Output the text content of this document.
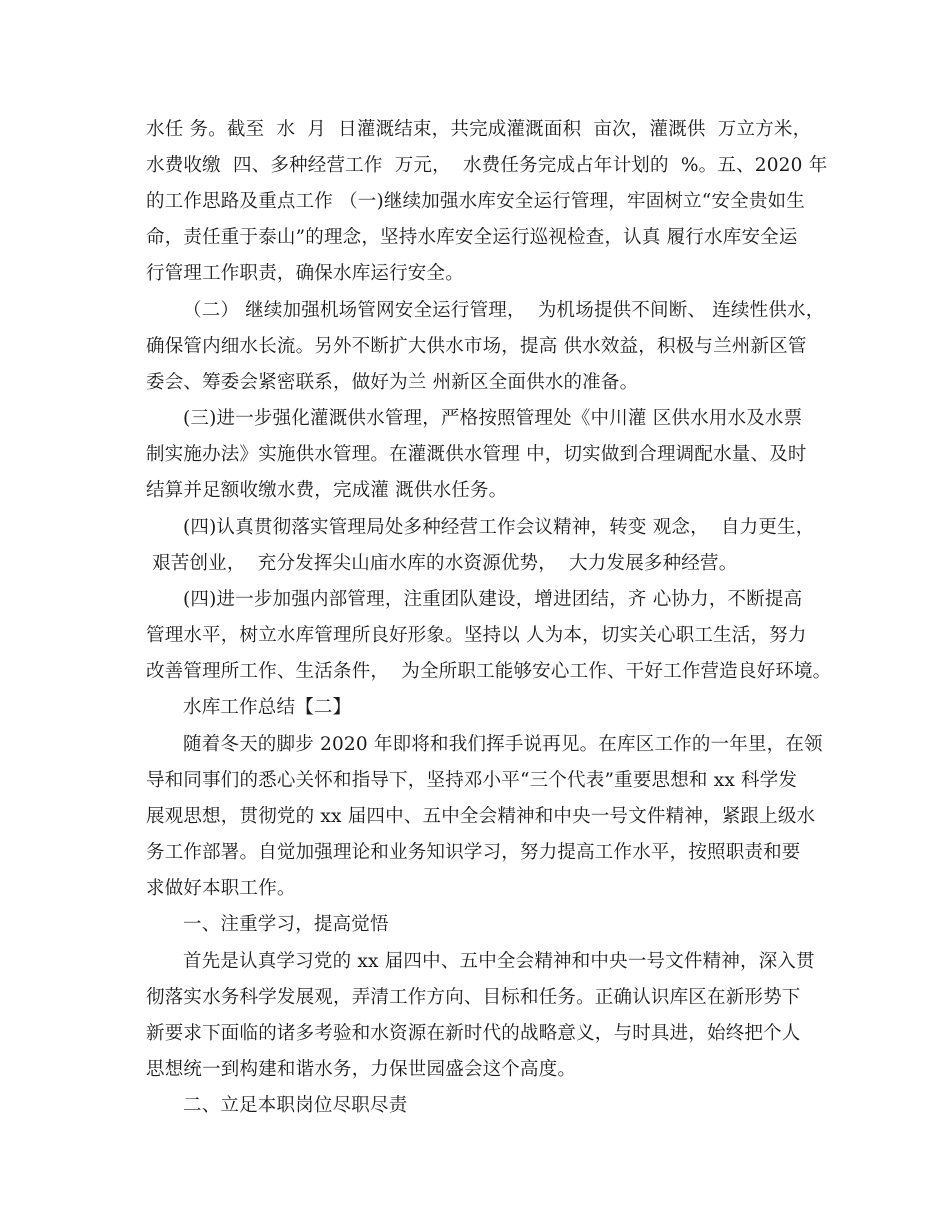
水任 务。截至  水  月  日灌溉结束，共完成灌溉面积  亩次，灌溉供  万立方米，
水费收缴  四、多种经营工作  万元，  水费任务完成占年计划的  %。五、2020 年
的工作思路及重点工作 （一)继续加强水库安全运行管理，牢固树立“安全贵如生
命，责任重于泰山”的理念，坚持水库安全运行巡视检查，认真 履行水库安全运
行管理工作职责，确保水库运行安全。
（二） 继续加强机场管网安全运行管理，  为机场提供不间断、 连续性供水，
确保管内细水长流。另外不断扩大供水市场，提高 供水效益，积极与兰州新区管
委会、筹委会紧密联系，做好为兰 州新区全面供水的准备。
(三)进一步强化灌溉供水管理，严格按照管理处《中川灌 区供水用水及水票
制实施办法》实施供水管理。在灌溉供水管理 中，切实做到合理调配水量、及时
结算并足额收缴水费，完成灌 溉供水任务。
(四)认真贯彻落实管理局处多种经营工作会议精神，转变 观念，  自力更生，
艰苦创业，  充分发挥尖山庙水库的水资源优势，  大力发展多种经营。
(四)进一步加强内部管理，注重团队建设，增进团结，齐 心协力，不断提高
管理水平，树立水库管理所良好形象。坚持以 人为本，切实关心职工生活，努力
改善管理所工作、生活条件，  为全所职工能够安心工作、干好工作营造良好环境。
水库工作总结【二】
随着冬天的脚步 2020 年即将和我们挥手说再见。在库区工作的一年里，在领
导和同事们的悉心关怀和指导下，坚持邓小平“三个代表”重要思想和 xx 科学发
展观思想，贯彻党的 xx 届四中、五中全会精神和中央一号文件精神，紧跟上级水
务工作部署。自觉加强理论和业务知识学习，努力提高工作水平，按照职责和要
求做好本职工作。
一、注重学习，提高觉悟
首先是认真学习党的 xx 届四中、五中全会精神和中央一号文件精神，深入贯
彻落实水务科学发展观，弄清工作方向、目标和任务。正确认识库区在新形势下
新要求下面临的诸多考验和水资源在新时代的战略意义，与时具进，始终把个人
思想统一到构建和谐水务，力保世园盛会这个高度。
二、立足本职岗位尽职尽责
